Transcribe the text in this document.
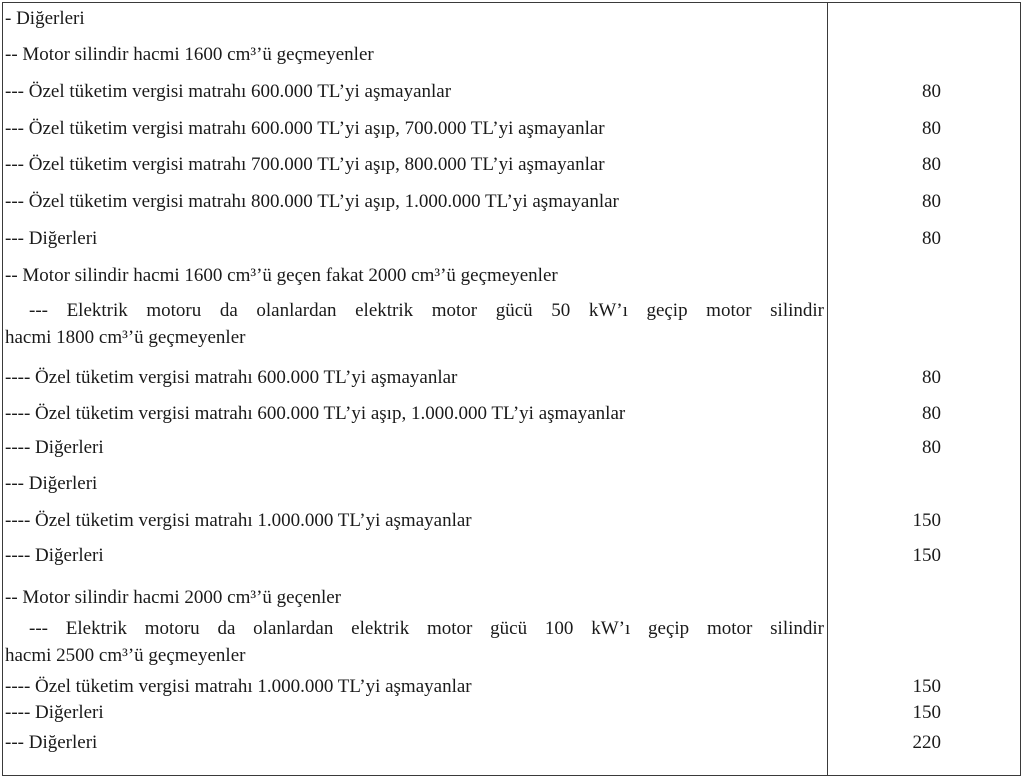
- Diğerleri
-- Motor silindir hacmi 1600 cm³’ü geçmeyenler
--- Özel tüketim vergisi matrahı 600.000 TL’yi aşmayanlar	80
--- Özel tüketim vergisi matrahı 600.000 TL’yi aşıp, 700.000 TL’yi aşmayanlar	80
--- Özel tüketim vergisi matrahı 700.000 TL’yi aşıp, 800.000 TL’yi aşmayanlar	80
--- Özel tüketim vergisi matrahı 800.000 TL’yi aşıp, 1.000.000 TL’yi aşmayanlar	80
--- Diğerleri	80
-- Motor silindir hacmi 1600 cm³’ü geçen fakat 2000 cm³’ü geçmeyenler
--- Elektrik motoru da olanlardan elektrik motor gücü 50 kW’ı geçip motor silindir
hacmi 1800 cm³’ü geçmeyenler
---- Özel tüketim vergisi matrahı 600.000 TL’yi aşmayanlar	80
---- Özel tüketim vergisi matrahı 600.000 TL’yi aşıp, 1.000.000 TL’yi aşmayanlar	80
---- Diğerleri	80
--- Diğerleri
---- Özel tüketim vergisi matrahı 1.000.000 TL’yi aşmayanlar	150
---- Diğerleri	150
-- Motor silindir hacmi 2000 cm³’ü geçenler
--- Elektrik motoru da olanlardan elektrik motor gücü 100 kW’ı geçip motor silindir
hacmi 2500 cm³’ü geçmeyenler
---- Özel tüketim vergisi matrahı 1.000.000 TL’yi aşmayanlar	150
---- Diğerleri	150
--- Diğerleri	220
